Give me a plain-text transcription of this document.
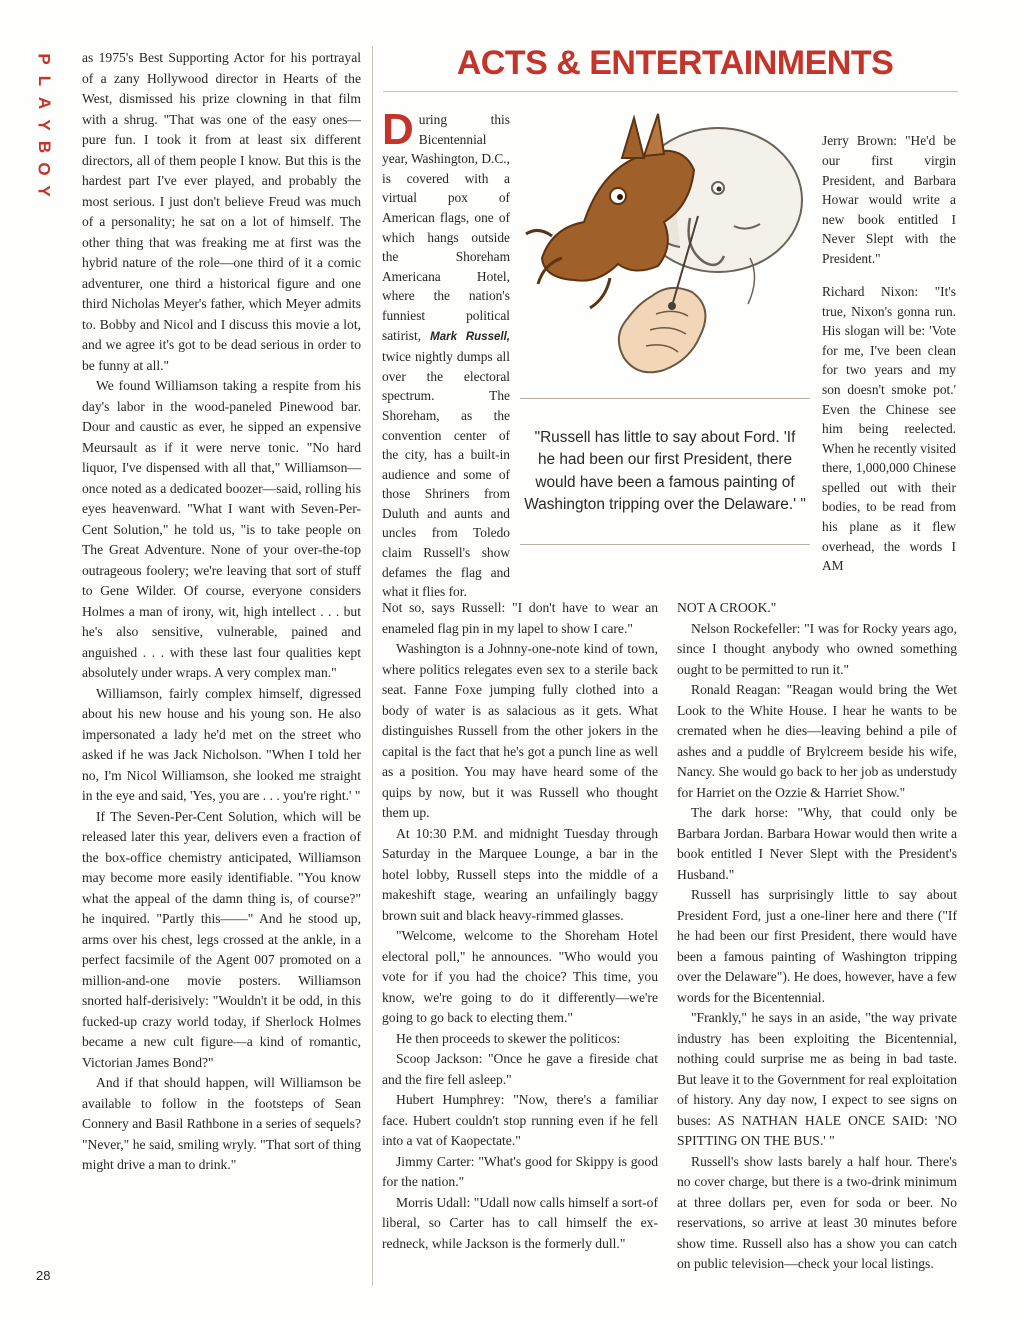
P
L
A
Y
B
O
Y

as 1975's Best Supporting Actor for his portrayal of a zany Hollywood director in Hearts of the West, dismissed his prize clowning in that film with a shrug. "That was one of the easy ones—pure fun. I took it from at least six different directors, all of them people I know. But this is the hardest part I've ever played, and probably the most serious. I just don't believe Freud was much of a personality; he sat on a lot of himself. The other thing that was freaking me at first was the hybrid nature of the role—one third of it a comic adventurer, one third a historical figure and one third Nicholas Meyer's father, which Meyer admits to. Bobby and Nicol and I discuss this movie a lot, and we agree it's got to be dead serious in order to be funny at all."

We found Williamson taking a respite from his day's labor in the wood-paneled Pinewood bar. Dour and caustic as ever, he sipped an expensive Meursault as if it were nerve tonic. "No hard liquor, I've dispensed with all that," Williamson—once noted as a dedicated boozer—said, rolling his eyes heavenward. "What I want with Seven-Per-Cent Solution," he told us, "is to take people on The Great Adventure. None of your over-the-top outrageous foolery; we're leaving that sort of stuff to Gene Wilder. Of course, everyone considers Holmes a man of irony, wit, high intellect . . . but he's also sensitive, vulnerable, pained and anguished . . . with these last four qualities kept absolutely under wraps. A very complex man."

Williamson, fairly complex himself, digressed about his new house and his young son. He also impersonated a lady he'd met on the street who asked if he was Jack Nicholson. "When I told her no, I'm Nicol Williamson, she looked me straight in the eye and said, 'Yes, you are . . . you're right.' "

If The Seven-Per-Cent Solution, which will be released later this year, delivers even a fraction of the box-office chemistry anticipated, Williamson may become more easily identifiable. "You know what the appeal of the damn thing is, of course?" he inquired. "Partly this——" And he stood up, arms over his chest, legs crossed at the ankle, in a perfect facsimile of the Agent 007 promoted on a million-and-one movie posters. Williamson snorted half-derisively: "Wouldn't it be odd, in this fucked-up crazy world today, if Sherlock Holmes became a new cult figure—a kind of romantic, Victorian James Bond?"

And if that should happen, will Williamson be available to follow in the footsteps of Sean Connery and Basil Rathbone in a series of sequels? "Never," he said, smiling wryly. "That sort of thing might drive a man to drink."

ACTS & ENTERTAINMENTS
During this Bicentennial year, Washington, D.C., is covered with a virtual pox of American flags, one of which hangs outside the Shoreham Americana Hotel, where the nation's funniest political satirist, Mark Russell, twice nightly dumps all over the electoral spectrum. The Shoreham, as the convention center of the city, has a built-in audience and some of those Shriners from Duluth and aunts and uncles from Toledo claim Russell's show defames the flag and what it flies for.
"Russell has little to say about Ford. 'If he had been our first President, there would have been a famous painting of Washington tripping over the Delaware.' "

Jerry Brown: "He'd be our first virgin President, and Barbara Howar would write a new book entitled I Never Slept with the President."

Richard Nixon: "It's true, Nixon's gonna run. His slogan will be: 'Vote for me, I've been clean for two years and my son doesn't smoke pot.' Even the Chinese see him being reelected. When he recently visited there, 1,000,000 Chinese spelled out with their bodies, to be read from his plane as it flew overhead, the words I AM

Not so, says Russell: "I don't have to wear an enameled flag pin in my lapel to show I care."

Washington is a Johnny-one-note kind of town, where politics relegates even sex to a sterile back seat. Fanne Foxe jumping fully clothed into a body of water is as salacious as it gets. What distinguishes Russell from the other jokers in the capital is the fact that he's got a punch line as well as a position. You may have heard some of the quips by now, but it was Russell who thought them up.

At 10:30 P.M. and midnight Tuesday through Saturday in the Marquee Lounge, a bar in the hotel lobby, Russell steps into the middle of a makeshift stage, wearing an unfailingly baggy brown suit and black heavy-rimmed glasses.

"Welcome, welcome to the Shoreham Hotel electoral poll," he announces. "Who would you vote for if you had the choice? This time, you know, we're going to do it differently—we're going to go back to electing them."

He then proceeds to skewer the politicos:

Scoop Jackson: "Once he gave a fireside chat and the fire fell asleep."

Hubert Humphrey: "Now, there's a familiar face. Hubert couldn't stop running even if he fell into a vat of Kaopectate."

Jimmy Carter: "What's good for Skippy is good for the nation."

Morris Udall: "Udall now calls himself a sort-of liberal, so Carter has to call himself the ex-redneck, while Jackson is the formerly dull."

NOT A CROOK."

Nelson Rockefeller: "I was for Rocky years ago, since I thought anybody who owned something ought to be permitted to run it."

Ronald Reagan: "Reagan would bring the Wet Look to the White House. I hear he wants to be cremated when he dies—leaving behind a pile of ashes and a puddle of Brylcreem beside his wife, Nancy. She would go back to her job as understudy for Harriet on the Ozzie & Harriet Show."

The dark horse: "Why, that could only be Barbara Jordan. Barbara Howar would then write a book entitled I Never Slept with the President's Husband."

Russell has surprisingly little to say about President Ford, just a one-liner here and there ("If he had been our first President, there would have been a famous painting of Washington tripping over the Delaware"). He does, however, have a few words for the Bicentennial.

"Frankly," he says in an aside, "the way private industry has been exploiting the Bicentennial, nothing could surprise me as being in bad taste. But leave it to the Government for real exploitation of history. Any day now, I expect to see signs on buses: AS NATHAN HALE ONCE SAID: 'NO SPITTING ON THE BUS.' "

Russell's show lasts barely a half hour. There's no cover charge, but there is a two-drink minimum at three dollars per, even for soda or beer. No reservations, so arrive at least 30 minutes before show time. Russell also has a show you can catch on public television—check your local listings.

28
